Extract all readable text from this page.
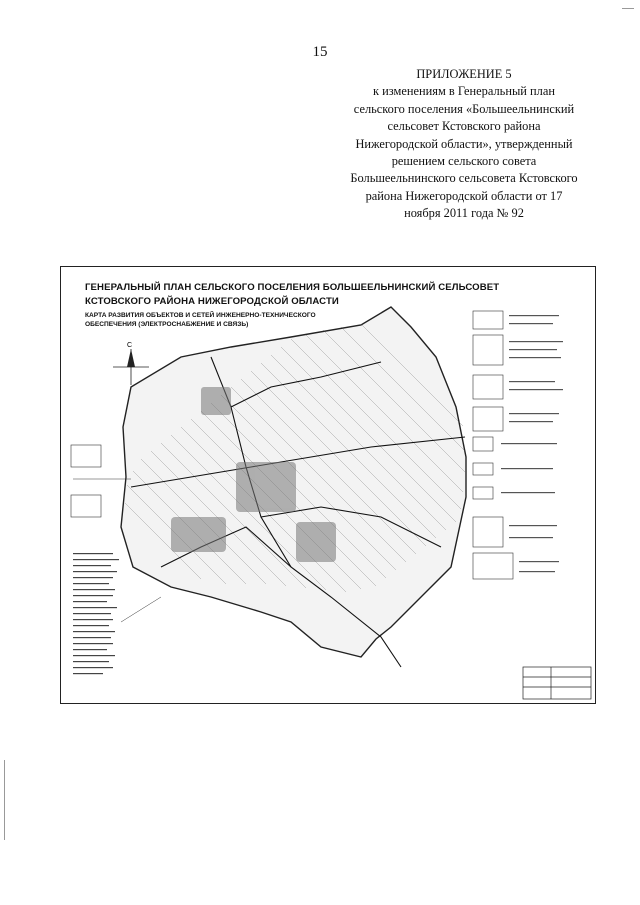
15
ПРИЛОЖЕНИЕ 5
к изменениям в Генеральный план
сельского поселения «Большеельнинский
сельсовет Кстовского района
Нижегородской области», утвержденный
решением сельского совета
Большеельнинского сельсовета Кстовского
района Нижегородской области от 17
ноября 2011 года № 92
С
ГЕНЕРАЛЬНЫЙ ПЛАН СЕЛЬСКОГО ПОСЕЛЕНИЯ БОЛЬШЕЕЛЬНИНСКИЙ СЕЛЬСОВЕТ
КСТОВСКОГО РАЙОНА НИЖЕГОРОДСКОЙ ОБЛАСТИ
КАРТА РАЗВИТИЯ ОБЪЕКТОВ И СЕТЕЙ ИНЖЕНЕРНО-ТЕХНИЧЕСКОГО
ОБЕСПЕЧЕНИЯ (ЭЛЕКТРОСНАБЖЕНИЕ И СВЯЗЬ)
